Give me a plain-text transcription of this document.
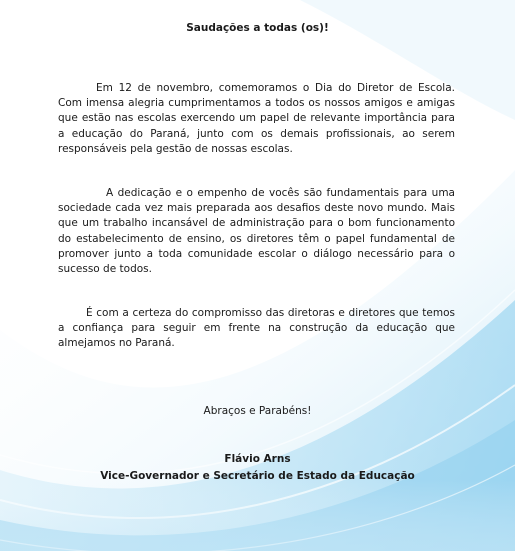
Saudações a todas (os)!
Em 12 de novembro, comemoramos o Dia do Diretor de Escola. Com imensa alegria cumprimentamos a todos os nossos amigos e amigas que estão nas escolas exercendo um papel de relevante importância para a educação do Paraná, junto com os demais profissionais, ao serem responsáveis pela gestão de nossas escolas.
A dedicação e o empenho de vocês são fundamentais para uma sociedade cada vez mais preparada aos desafios deste novo mundo. Mais que um trabalho incansável de administração para o bom funcionamento do estabelecimento de ensino, os diretores têm o papel fundamental de promover junto a toda comunidade escolar o diálogo necessário para o sucesso de todos.
É com a certeza do compromisso das diretoras e diretores que temos a confiança para seguir em frente na construção da educação que almejamos no Paraná.
Abraços e Parabéns!
Flávio Arns
Vice-Governador e Secretário de Estado da Educação
